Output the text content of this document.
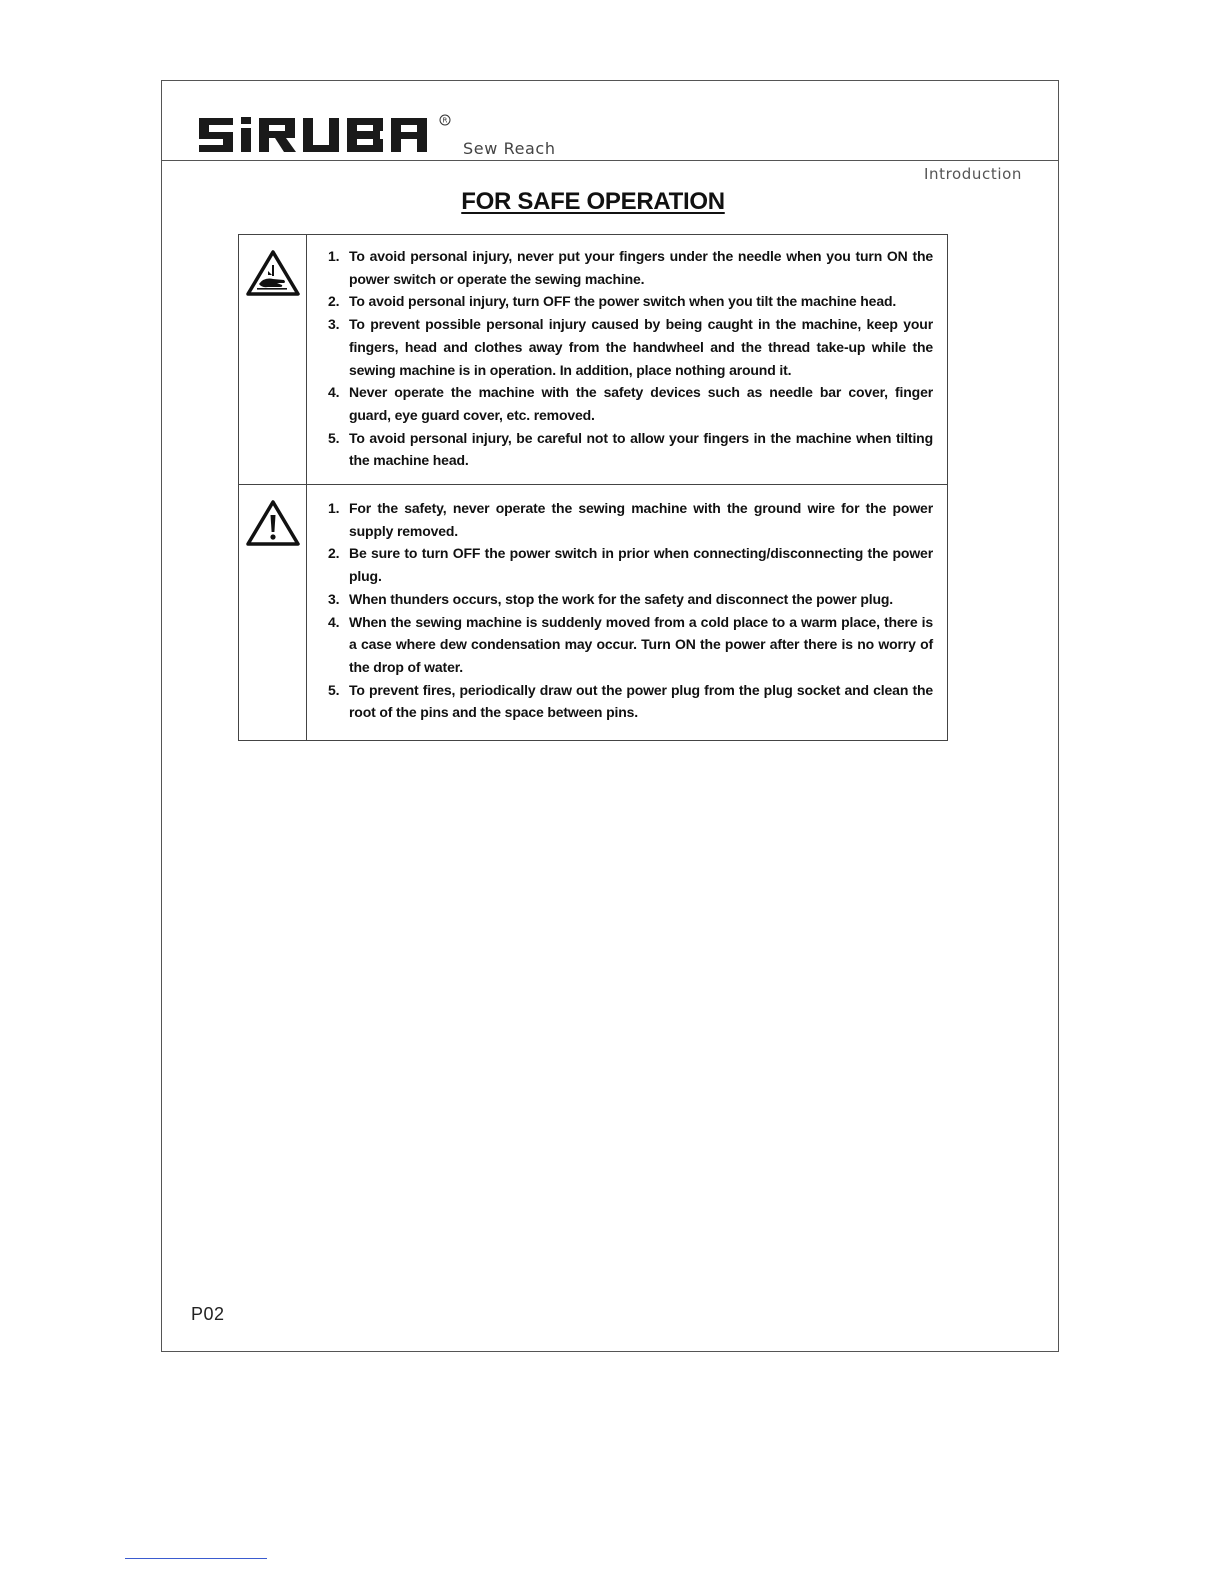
R
Sew Reach
Introduction
FOR SAFE OPERATION
1. To avoid personal injury, never put your fingers under the needle when you turn ON the power switch or operate the sewing machine.
2. To avoid personal injury, turn OFF the power switch when you tilt the machine head.
3. To prevent possible personal injury caused by being caught in the machine, keep your fingers, head and clothes away from the handwheel and the thread take-up while the sewing machine is in operation. In addition, place nothing around it.
4. Never operate the machine with the safety devices such as needle bar cover, finger guard, eye guard cover, etc. removed.
5. To avoid personal injury, be careful not to allow your fingers in the machine when tilting the machine head.
1. For the safety, never operate the sewing machine with the ground wire for the power supply removed.
2. Be sure to turn OFF the power switch in prior when connecting/disconnecting the power plug.
3. When thunders occurs, stop the work for the safety and disconnect the power plug.
4. When the sewing machine is suddenly moved from a cold place to a warm place, there is a case where dew condensation may occur. Turn ON the power after there is no worry of the drop of water.
5. To prevent fires, periodically draw out the power plug from the plug socket and clean the root of the pins and the space between pins.
P02
